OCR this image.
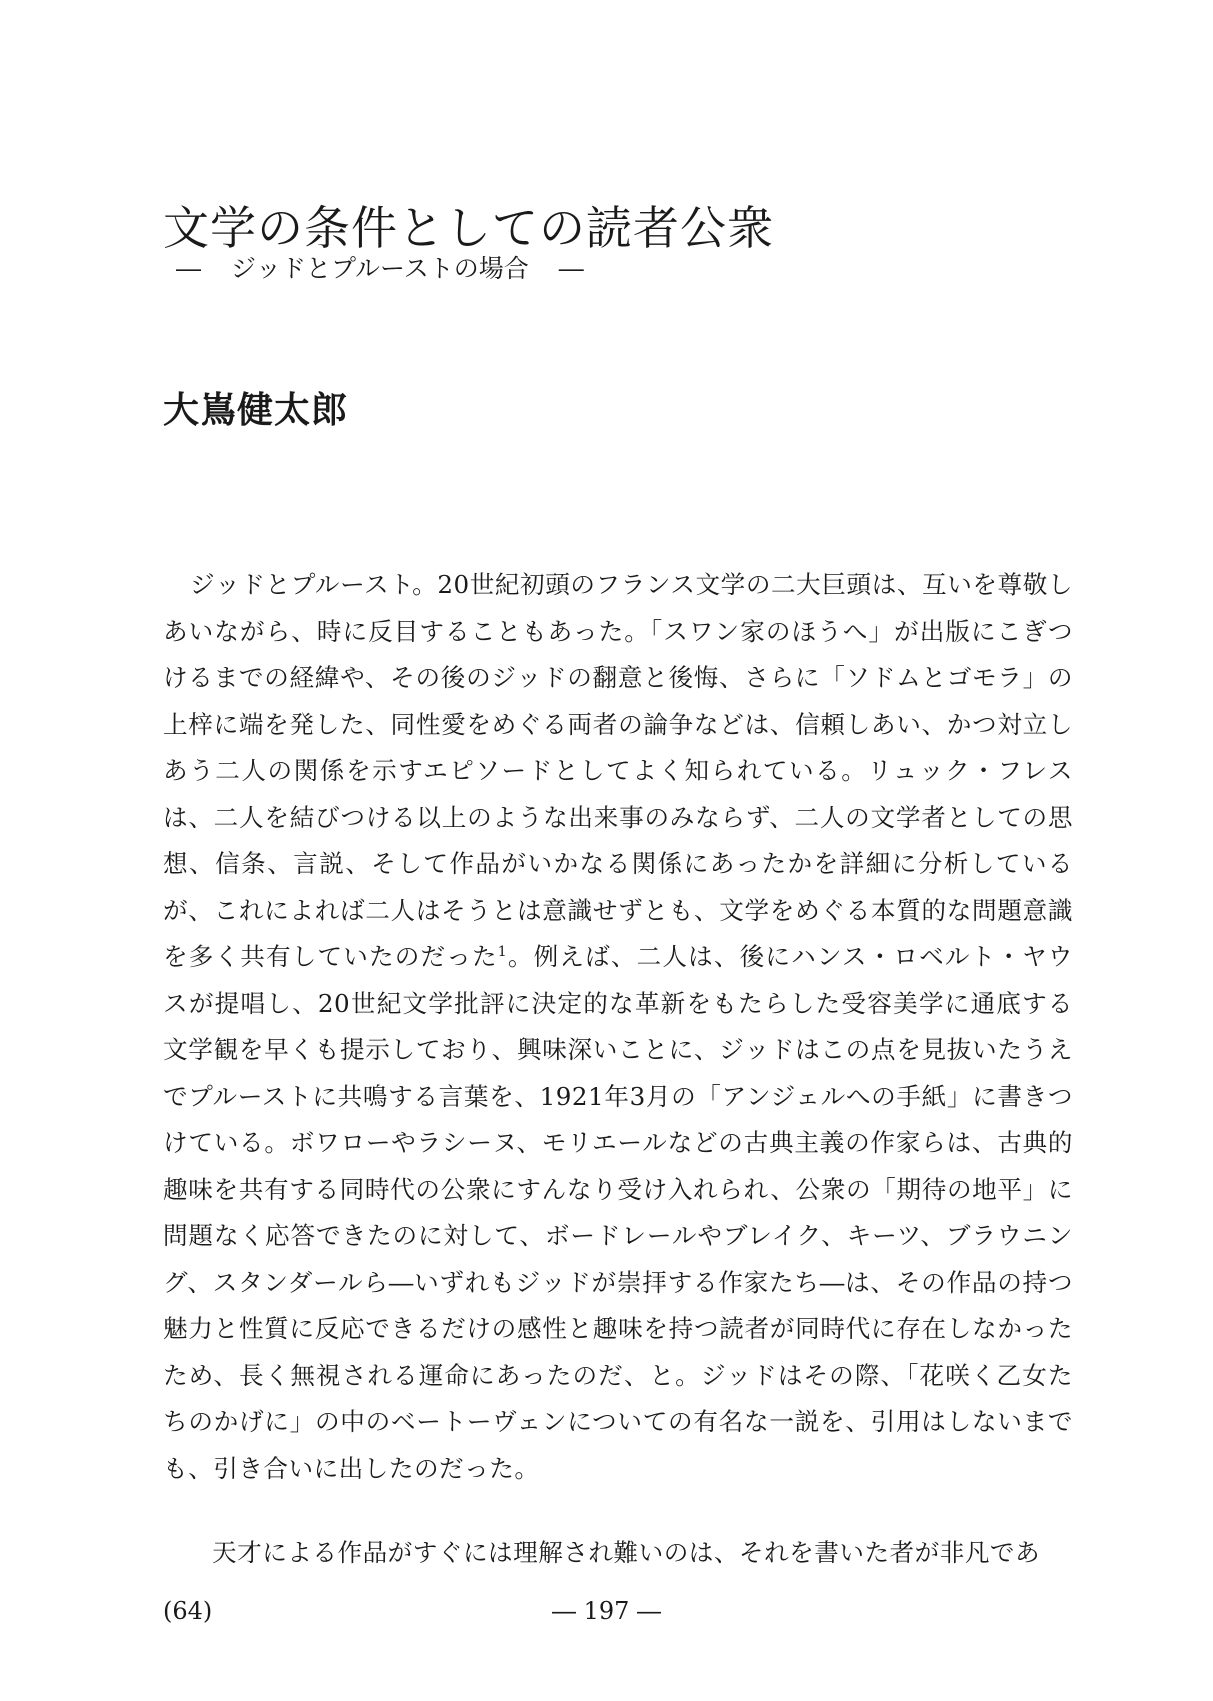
文学の条件としての読者公衆
― ジッドとプルーストの場合 ―
大嶌健太郎

ジッドとプルースト。20世紀初頭のフランス文学の二大巨頭は、互いを尊敬しあいながら、時に反目することもあった。「スワン家のほうへ」が出版にこぎつけるまでの経緯や、その後のジッドの翻意と後悔、さらに「ソドムとゴモラ」の上梓に端を発した、同性愛をめぐる両者の論争などは、信頼しあい、かつ対立しあう二人の関係を示すエピソードとしてよく知られている。リュック・フレスは、二人を結びつける以上のような出来事のみならず、二人の文学者としての思想、信条、言説、そして作品がいかなる関係にあったかを詳細に分析しているが、これによれば二人はそうとは意識せずとも、文学をめぐる本質的な問題意識を多く共有していたのだった$^1$。例えば、二人は、後にハンス・ロベルト・ヤウスが提唱し、20世紀文学批評に決定的な革新をもたらした受容美学に通底する文学観を早くも提示しており、興味深いことに、ジッドはこの点を見抜いたうえでプルーストに共鳴する言葉を、1921年3月の「アンジェルへの手紙」に書きつけている。ボワローやラシーヌ、モリエールなどの古典主義の作家らは、古典的趣味を共有する同時代の公衆にすんなり受け入れられ、公衆の「期待の地平」に問題なく応答できたのに対して、ボードレールやブレイク、キーツ、ブラウニング、スタンダールら―いずれもジッドが崇拝する作家たち―は、その作品の持つ魅力と性質に反応できるだけの感性と趣味を持つ読者が同時代に存在しなかったため、長く無視される運命にあったのだ、と。ジッドはその際、「花咲く乙女たちのかげに」の中のベートーヴェンについての有名な一説を、引用はしないまでも、引き合いに出したのだった。

天才による作品がすぐには理解され難いのは、それを書いた者が非凡であ

(64)	― 197 ―
